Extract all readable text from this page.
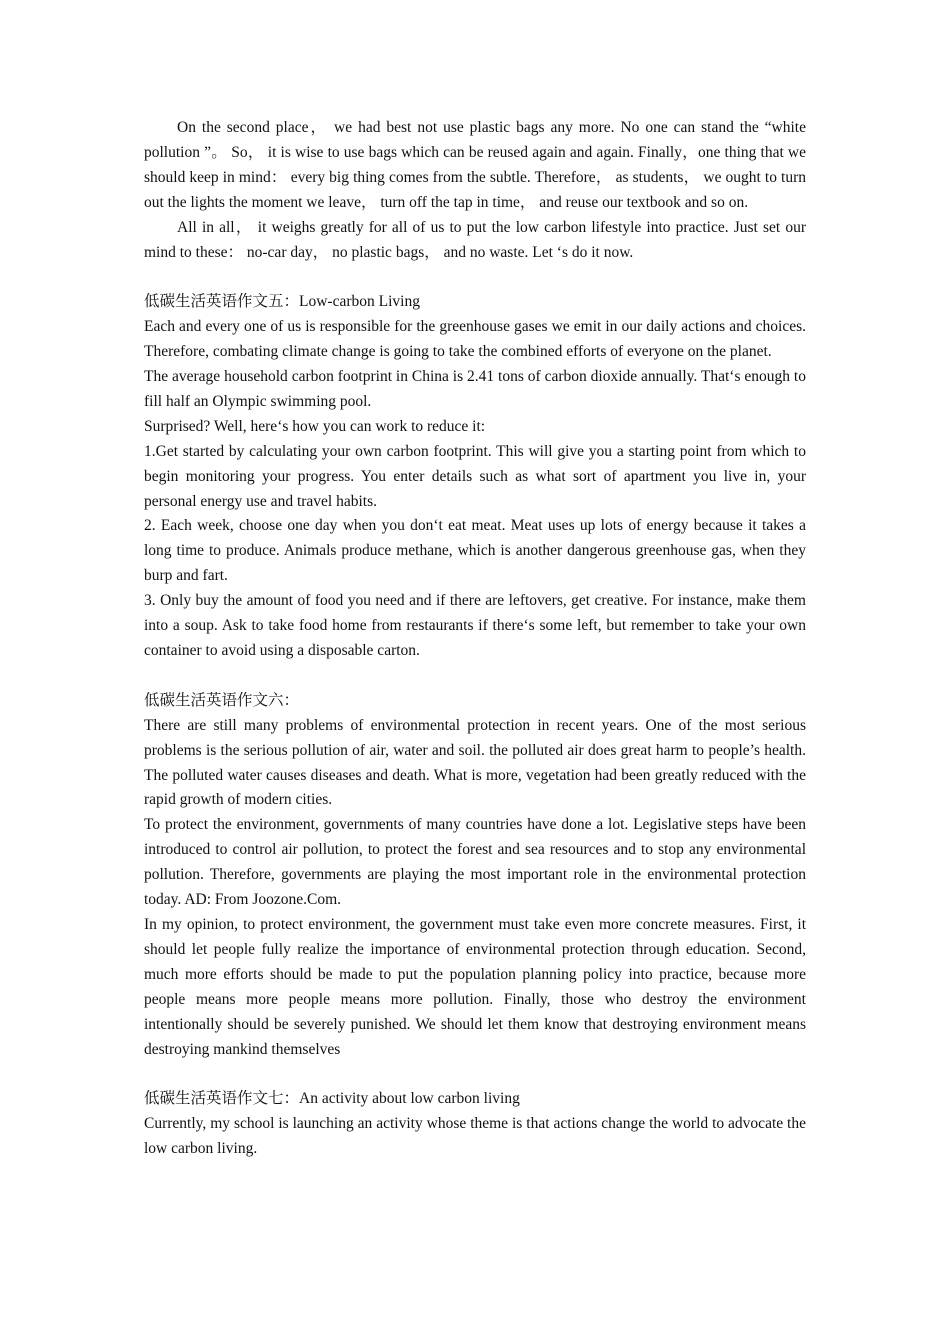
On the second place， we had best not use plastic bags any more. No one can stand the “white pollution ”。 So， it is wise to use bags which can be reused again and again. Finally，one thing that we should keep in mind： every big thing comes from the subtle. Therefore， as students， we ought to turn out the lights the moment we leave， turn off the tap in time， and reuse our textbook and so on.

All in all， it weighs greatly for all of us to put the low carbon lifestyle into practice. Just set our mind to these： no-car day， no plastic bags， and no waste. Let ‘s do it now.

低碳生活英语作文五：Low-carbon Living

Each and every one of us is responsible for the greenhouse gases we emit in our daily actions and choices. Therefore, combating climate change is going to take the combined efforts of everyone on the planet.

The average household carbon footprint in China is 2.41 tons of carbon dioxide annually. That‘s enough to fill half an Olympic swimming pool.

Surprised? Well, here‘s how you can work to reduce it:

1.Get started by calculating your own carbon footprint. This will give you a starting point from which to begin monitoring your progress. You enter details such as what sort of apartment you live in, your personal energy use and travel habits.

2. Each week, choose one day when you don‘t eat meat. Meat uses up lots of energy because it takes a long time to produce. Animals produce methane, which is another dangerous greenhouse gas, when they burp and fart.

3. Only buy the amount of food you need and if there are leftovers, get creative. For instance, make them into a soup. Ask to take food home from restaurants if there‘s some left, but remember to take your own container to avoid using a disposable carton.

低碳生活英语作文六：

There are still many problems of environmental protection in recent years. One of the most serious problems is the serious pollution of air, water and soil. the polluted air does great harm to people’s health. The polluted water causes diseases and death. What is more, vegetation had been greatly reduced with the rapid growth of modern cities.

To protect the environment, governments of many countries have done a lot. Legislative steps have been introduced to control air pollution, to protect the forest and sea resources and to stop any environmental pollution. Therefore, governments are playing the most important role in the environmental protection today. AD: From Joozone.Com.

In my opinion, to protect environment, the government must take even more concrete measures. First, it should let people fully realize the importance of environmental protection through education. Second, much more efforts should be made to put the population planning policy into practice, because more people means more people means more pollution. Finally, those who destroy the environment intentionally should be severely punished. We should let them know that destroying environment means destroying mankind themselves

低碳生活英语作文七：An activity about low carbon living

Currently, my school is launching an activity whose theme is that actions change the world to advocate the low carbon living.
